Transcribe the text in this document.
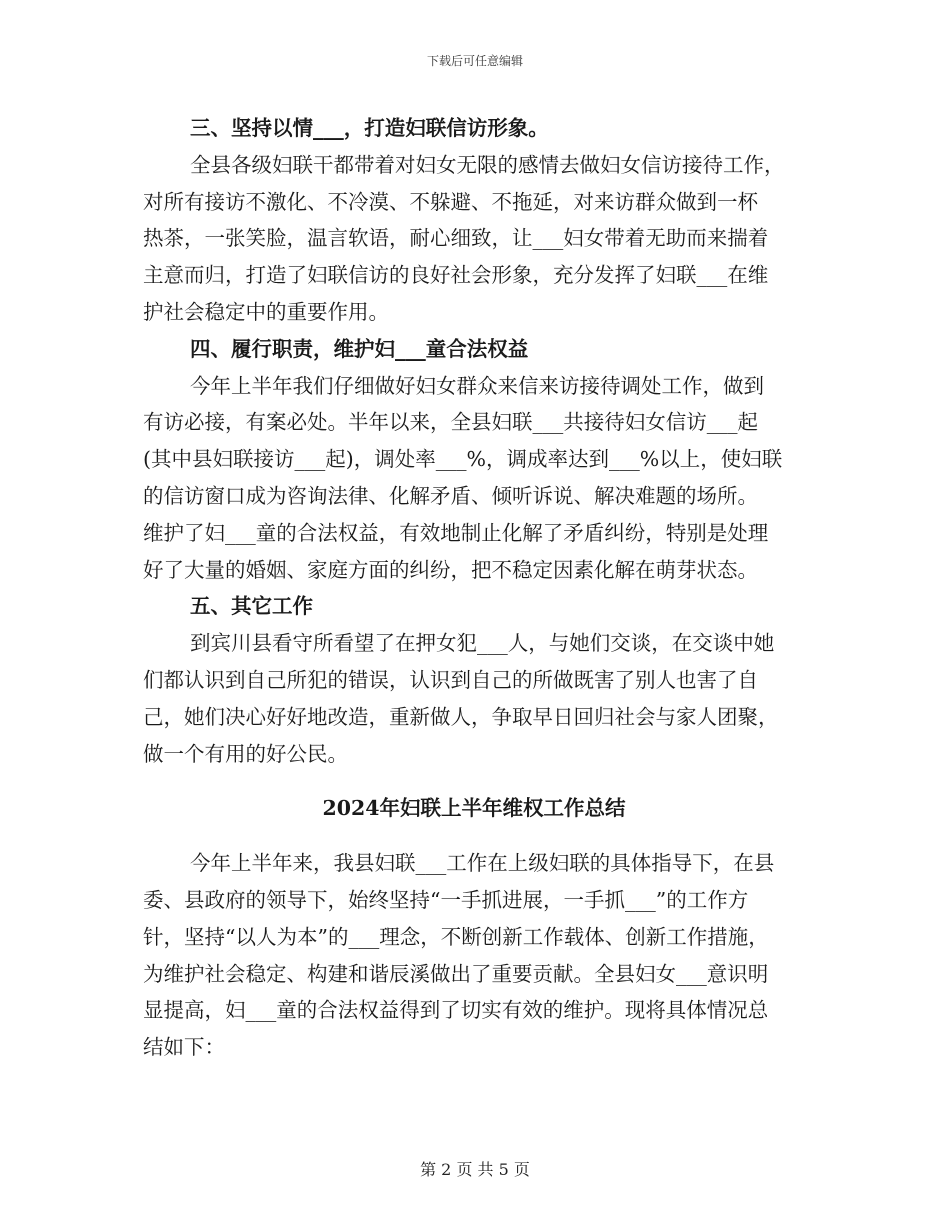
下载后可任意编辑
三、坚持以情___，打造妇联信访形象。
全县各级妇联干都带着对妇女无限的感情去做妇女信访接待工作，
对所有接访不激化、不冷漠、不躲避、不拖延，对来访群众做到一杯
热茶，一张笑脸，温言软语，耐心细致，让___妇女带着无助而来揣着
主意而归，打造了妇联信访的良好社会形象，充分发挥了妇联___在维
护社会稳定中的重要作用。
四、履行职责，维护妇___童合法权益
今年上半年我们仔细做好妇女群众来信来访接待调处工作，做到
有访必接，有案必处。半年以来，全县妇联___共接待妇女信访___起
(其中县妇联接访___起)，调处率___%，调成率达到___%以上，使妇联
的信访窗口成为咨询法律、化解矛盾、倾听诉说、解决难题的场所。
维护了妇___童的合法权益，有效地制止化解了矛盾纠纷，特别是处理
好了大量的婚姻、家庭方面的纠纷，把不稳定因素化解在萌芽状态。
五、其它工作
到宾川县看守所看望了在押女犯___人，与她们交谈，在交谈中她
们都认识到自己所犯的错误，认识到自己的所做既害了别人也害了自
己，她们决心好好地改造，重新做人，争取早日回归社会与家人团聚，
做一个有用的好公民。
2024年妇联上半年维权工作总结
今年上半年来，我县妇联___工作在上级妇联的具体指导下，在县
委、县政府的领导下，始终坚持“一手抓进展，一手抓___”的工作方
针，坚持“以人为本”的___理念，不断创新工作载体、创新工作措施，
为维护社会稳定、构建和谐辰溪做出了重要贡献。全县妇女___意识明
显提高，妇___童的合法权益得到了切实有效的维护。现将具体情况总
结如下：
第 2 页 共 5 页
